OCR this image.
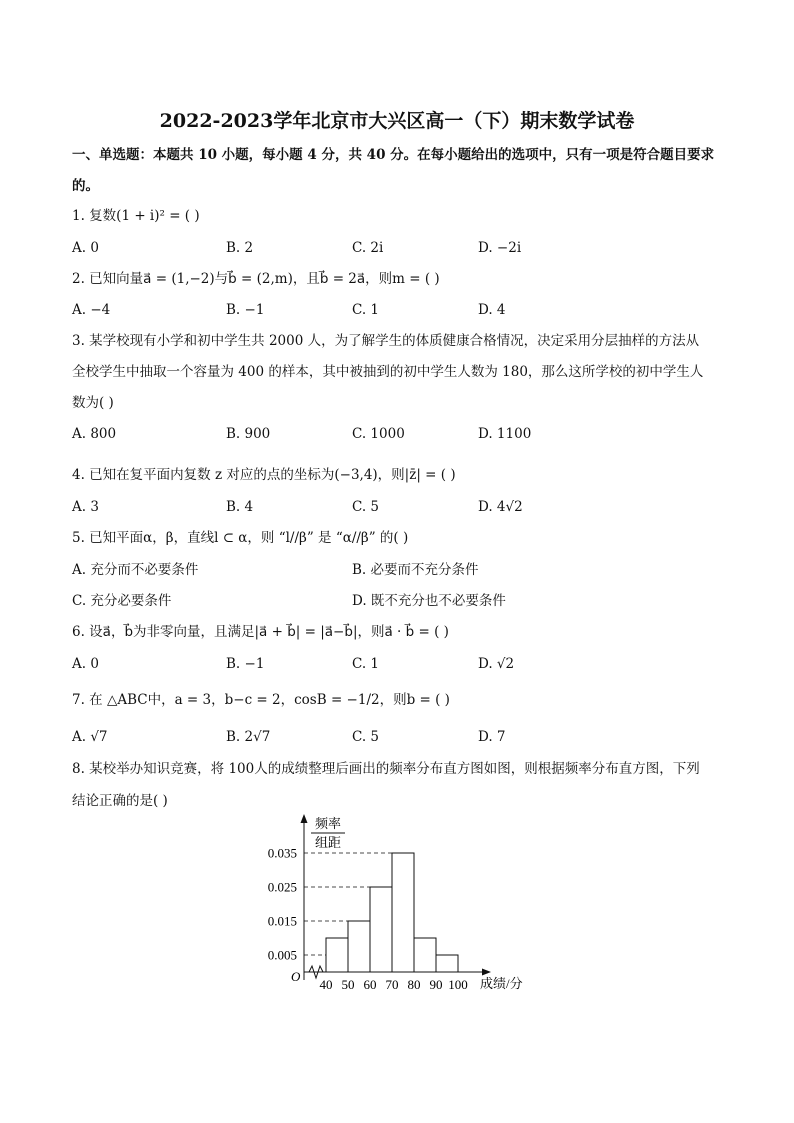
2022-2023学年北京市大兴区高一（下）期末数学试卷
一、单选题：本题共 10 小题，每小题 4 分，共 40 分。在每小题给出的选项中，只有一项是符合题目要求
的。
1. 复数(1 + i)² = ( )
A. 0	B. 2	C. 2i	D. −2i
2. 已知向量a⃗ = (1,−2)与b⃗ = (2,m)，且b⃗ = 2a⃗，则m = ( )
A. −4	B. −1	C. 1	D. 4
3. 某学校现有小学和初中学生共 2000 人，为了解学生的体质健康合格情况，决定采用分层抽样的方法从
全校学生中抽取一个容量为 400 的样本，其中被抽到的初中学生人数为 180，那么这所学校的初中学生人
数为( )
A. 800	B. 900	C. 1000	D. 1100
4. 已知在复平面内复数 z 对应的点的坐标为(−3,4)，则|z̄| = ( )
A. 3	B. 4	C. 5	D. 4√2
5. 已知平面α，β，直线l ⊂ α，则 “l//β” 是 “α//β” 的( )
A. 充分而不必要条件	B. 必要而不充分条件
C. 充分必要条件	D. 既不充分也不必要条件
6. 设a⃗，b⃗为非零向量，且满足|a⃗ + b⃗| = |a⃗−b⃗|，则a⃗ · b⃗ = ( )
A. 0	B. −1	C. 1	D. √2
7. 在 △ABC中，a = 3，b−c = 2，cosB = −1/2，则b = ( )
A. √7	B. 2√7	C. 5	D. 7
8. 某校举办知识竞赛，将 100人的成绩整理后画出的频率分布直方图如图，则根据频率分布直方图，下列
结论正确的是( )
频率
组距
O	成绩/分
0.005
0.015
0.025
0.035
40 50 60 70 80 90 100
